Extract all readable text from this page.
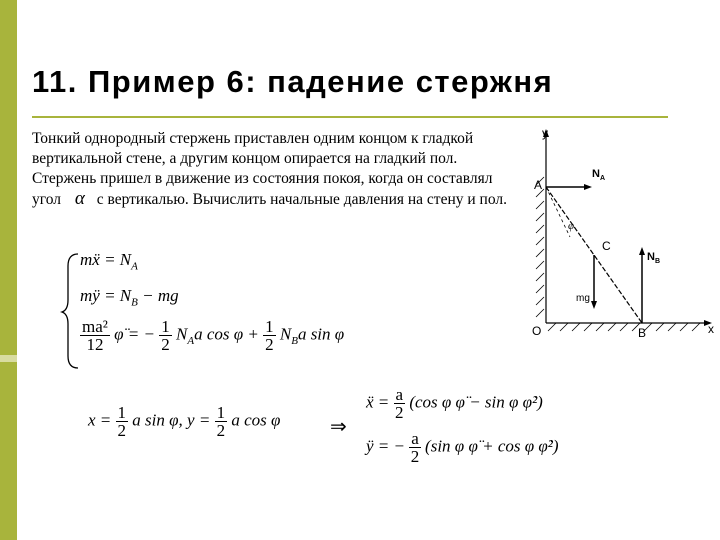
11. Пример 6: падение стержня
Тонкий однородный стержень приставлен одним концом к гладкой вертикальной стене, а другим концом опирается на гладкий пол. Стержень пришел в движение из состояния покоя, когда он составлял угол α с вертикалью. Вычислить начальные давления на стену и пол.
mẍ = $N_A$
mÿ = $N_B$ − mg
$\frac{\text{ma²}}{12}$ φ̈ = − $\frac{1}{2} N_Aa$ $\cos \varphi + \frac{1}{2} N_Ba$ sin φ
$x = \frac{1}{2}$ a sin φ, $y = \frac{1}{2}$ a cos φ ⇒
ẍ = $\frac{a}{2} (\cos$ φ φ̈ − sin φ φ̇²)
ÿ = − $\frac{a}{2} (\sin$ φ φ̈ + cos φ φ̇²)
y
x
A
O
C
B
φ
mg
$N_A$
$N_B$
